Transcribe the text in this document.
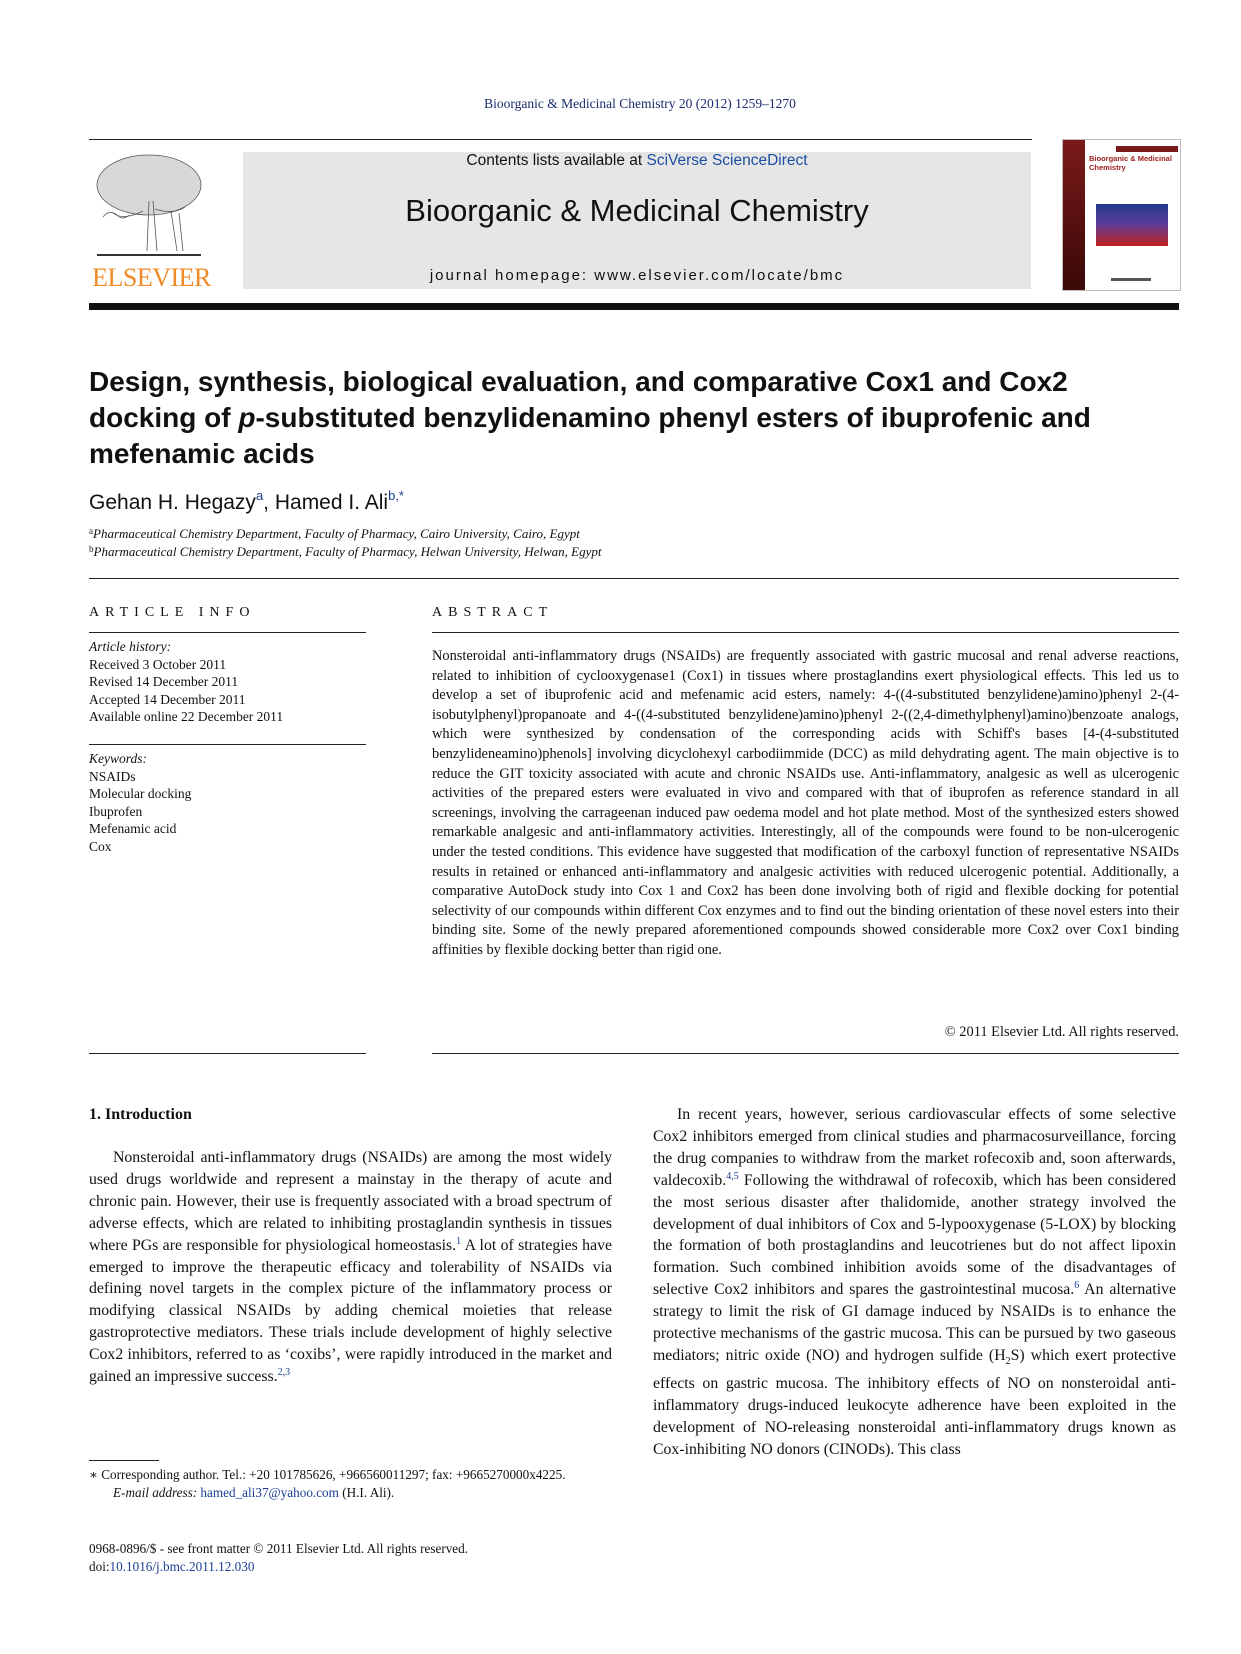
Bioorganic & Medicinal Chemistry 20 (2012) 1259–1270
ELSEVIER
Contents lists available at SciVerse ScienceDirect
Bioorganic & Medicinal Chemistry
journal homepage: www.elsevier.com/locate/bmc
Bioorganic & Medicinal Chemistry
Design, synthesis, biological evaluation, and comparative Cox1 and Cox2 docking of p-substituted benzylidenamino phenyl esters of ibuprofenic and mefenamic acids
Gehan H. Hegazy$^a$, Hamed I. Ali$^{b,*}$
$^a$Pharmaceutical Chemistry Department, Faculty of Pharmacy, Cairo University, Cairo, Egypt
$^b$Pharmaceutical Chemistry Department, Faculty of Pharmacy, Helwan University, Helwan, Egypt
ARTICLE INFO
Article history:
Received 3 October 2011
Revised 14 December 2011
Accepted 14 December 2011
Available online 22 December 2011
Keywords:
NSAIDs
Molecular docking
Ibuprofen
Mefenamic acid
Cox
ABSTRACT
Nonsteroidal anti-inflammatory drugs (NSAIDs) are frequently associated with gastric mucosal and renal adverse reactions, related to inhibition of cyclooxygenase1 (Cox1) in tissues where prostaglandins exert physiological effects. This led us to develop a set of ibuprofenic acid and mefenamic acid esters, namely: 4-((4-substituted benzylidene)amino)phenyl 2-(4-isobutylphenyl)propanoate and 4-((4-substituted benzylidene)amino)phenyl 2-((2,4-dimethylphenyl)amino)benzoate analogs, which were synthesized by condensation of the corresponding acids with Schiff's bases [4-(4-substituted benzylideneamino)phenols] involving dicyclohexyl carbodiimmide (DCC) as mild dehydrating agent. The main objective is to reduce the GIT toxicity associated with acute and chronic NSAIDs use. Anti-inflammatory, analgesic as well as ulcerogenic activities of the prepared esters were evaluated in vivo and compared with that of ibuprofen as reference standard in all screenings, involving the carrageenan induced paw oedema model and hot plate method. Most of the synthesized esters showed remarkable analgesic and anti-inflammatory activities. Interestingly, all of the compounds were found to be non-ulcerogenic under the tested conditions. This evidence have suggested that modification of the carboxyl function of representative NSAIDs results in retained or enhanced anti-inflammatory and analgesic activities with reduced ulcerogenic potential. Additionally, a comparative AutoDock study into Cox 1 and Cox2 has been done involving both of rigid and flexible docking for potential selectivity of our compounds within different Cox enzymes and to find out the binding orientation of these novel esters into their binding site. Some of the newly prepared aforementioned compounds showed considerable more Cox2 over Cox1 binding affinities by flexible docking better than rigid one.
© 2011 Elsevier Ltd. All rights reserved.
1. Introduction

Nonsteroidal anti-inflammatory drugs (NSAIDs) are among the most widely used drugs worldwide and represent a mainstay in the therapy of acute and chronic pain. However, their use is frequently associated with a broad spectrum of adverse effects, which are related to inhibiting prostaglandin synthesis in tissues where PGs are responsible for physiological homeostasis.$^1$ A lot of strategies have emerged to improve the therapeutic efficacy and tolerability of NSAIDs via defining novel targets in the complex picture of the inflammatory process or modifying classical NSAIDs by adding chemical moieties that release gastroprotective mediators. These trials include development of highly selective Cox2 inhibitors, referred to as ‘coxibs’, were rapidly introduced in the market and gained an impressive success.$^{2,3}$

In recent years, however, serious cardiovascular effects of some selective Cox2 inhibitors emerged from clinical studies and pharmacosurveillance, forcing the drug companies to withdraw from the market rofecoxib and, soon afterwards, valdecoxib.$^{4,5}$ Following the withdrawal of rofecoxib, which has been considered the most serious disaster after thalidomide, another strategy involved the development of dual inhibitors of Cox and 5-lypooxygenase (5-LOX) by blocking the formation of both prostaglandins and leucotrienes but do not affect lipoxin formation. Such combined inhibition avoids some of the disadvantages of selective Cox2 inhibitors and spares the gastrointestinal mucosa.$^6$ An alternative strategy to limit the risk of GI damage induced by NSAIDs is to enhance the protective mechanisms of the gastric mucosa. This can be pursued by two gaseous mediators; nitric oxide (NO) and hydrogen sulfide $(H_2S)$ which exert protective effects on gastric mucosa. The inhibitory effects of NO on nonsteroidal anti-inflammatory drugs-induced leukocyte adherence have been exploited in the development of NO-releasing nonsteroidal anti-inflammatory drugs known as Cox-inhibiting NO donors (CINODs). This class

∗ Corresponding author. Tel.: +20 101785626, +966560011297; fax: +9665270000x4225.
E-mail address: hamed_ali37@yahoo.com (H.I. Ali).
0968-0896/$ - see front matter © 2011 Elsevier Ltd. All rights reserved.
doi:10.1016/j.bmc.2011.12.030
